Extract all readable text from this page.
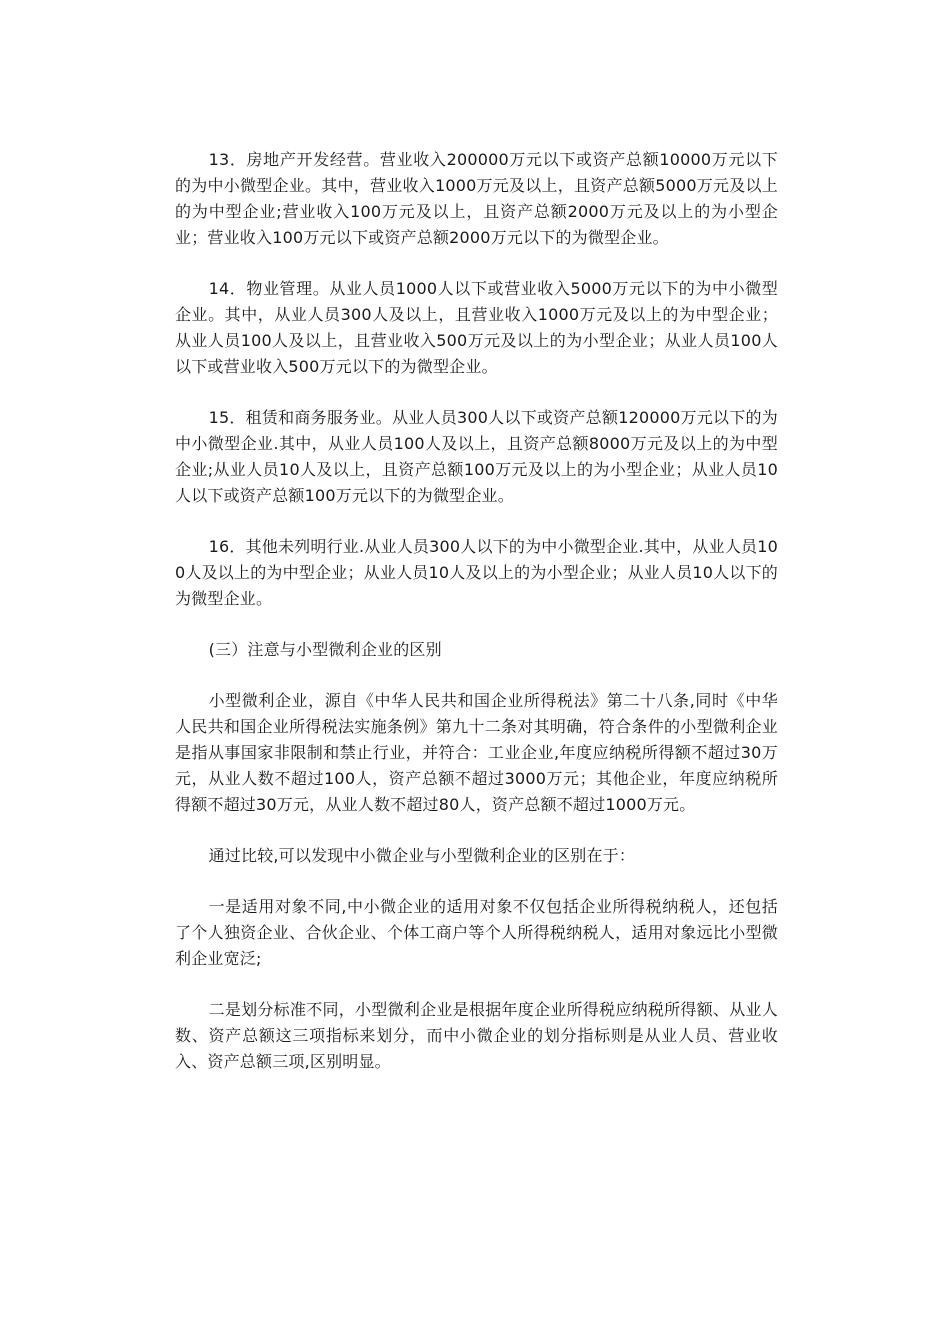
13．房地产开发经营。营业收入200000万元以下或资产总额10000万元以下的为中小微型企业。其中，营业收入1000万元及以上，且资产总额5000万元及以上的为中型企业;营业收入100万元及以上，且资产总额2000万元及以上的为小型企业；营业收入100万元以下或资产总额2000万元以下的为微型企业。

14．物业管理。从业人员1000人以下或营业收入5000万元以下的为中小微型企业。其中，从业人员300人及以上，且营业收入1000万元及以上的为中型企业；从业人员100人及以上，且营业收入500万元及以上的为小型企业；从业人员100人以下或营业收入500万元以下的为微型企业。

15．租赁和商务服务业。从业人员300人以下或资产总额120000万元以下的为中小微型企业.其中，从业人员100人及以上，且资产总额8000万元及以上的为中型企业;从业人员10人及以上，且资产总额100万元及以上的为小型企业；从业人员10人以下或资产总额100万元以下的为微型企业。

16．其他未列明行业.从业人员300人以下的为中小微型企业.其中，从业人员100人及以上的为中型企业；从业人员10人及以上的为小型企业；从业人员10人以下的为微型企业。

(三）注意与小型微利企业的区别

小型微利企业，源自《中华人民共和国企业所得税法》第二十八条,同时《中华人民共和国企业所得税法实施条例》第九十二条对其明确，符合条件的小型微利企业是指从事国家非限制和禁止行业，并符合：工业企业,年度应纳税所得额不超过30万元，从业人数不超过100人，资产总额不超过3000万元；其他企业，年度应纳税所得额不超过30万元，从业人数不超过80人，资产总额不超过1000万元。

通过比较,可以发现中小微企业与小型微利企业的区别在于：

一是适用对象不同,中小微企业的适用对象不仅包括企业所得税纳税人，还包括了个人独资企业、合伙企业、个体工商户等个人所得税纳税人，适用对象远比小型微利企业宽泛;

二是划分标准不同，小型微利企业是根据年度企业所得税应纳税所得额、从业人数、资产总额这三项指标来划分，而中小微企业的划分指标则是从业人员、营业收入、资产总额三项,区别明显。
